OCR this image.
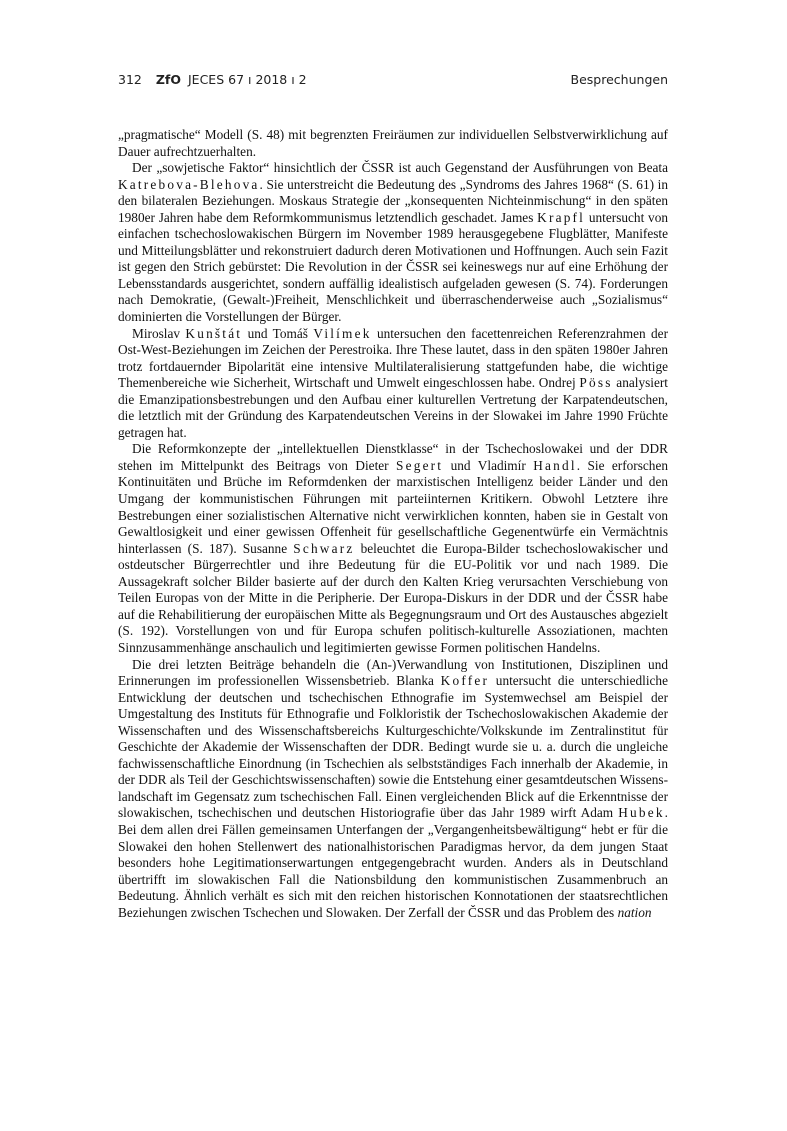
312 ZfO JECES 67 ı 2018 ı 2	Besprechungen

„pragmatische“ Modell (S. 48) mit begrenzten Freiräumen zur individuellen Selbstverwirklichung auf Dauer aufrechtzuerhalten.

Der „sowjetische Faktor“ hinsichtlich der ČSSR ist auch Gegenstand der Ausführungen von Beata Katrebova-Blehova. Sie unterstreicht die Bedeutung des „Syndroms des Jahres 1968“ (S. 61) in den bilateralen Beziehungen. Moskaus Strategie der „konsequenten Nichteinmischung“ in den späten 1980er Jahren habe dem Reformkommunismus letztendlich geschadet. James Krapfl untersucht von einfachen tschechoslowakischen Bürgern im November 1989 herausgegebene Flugblätter, Manifeste und Mitteilungsblätter und rekonstruiert dadurch deren Motivationen und Hoffnungen. Auch sein Fazit ist gegen den Strich gebürstet: Die Revolution in der ČSSR sei keineswegs nur auf eine Erhöhung der Lebensstandards ausgerichtet, sondern auffällig idealistisch aufgeladen gewesen (S. 74). Forderungen nach Demokratie, (Gewalt-)Freiheit, Menschlichkeit und überraschenderweise auch „Sozialismus“ dominierten die Vorstellungen der Bürger.

Miroslav Kunštát und Tomáš Vilímek untersuchen den facettenreichen Referenzrahmen der Ost-West-Beziehungen im Zeichen der Perestroika. Ihre These lautet, dass in den späten 1980er Jahren trotz fortdauernder Bipolarität eine intensive Multilateralisierung stattgefunden habe, die wichtige Themenbereiche wie Sicherheit, Wirtschaft und Umwelt eingeschlossen habe. Ondrej Pöss analysiert die Emanzipationsbestrebungen und den Aufbau einer kulturellen Vertretung der Karpatendeutschen, die letztlich mit der Gründung des Karpatendeutschen Vereins in der Slowakei im Jahre 1990 Früchte getragen hat.

Die Reformkonzepte der „intellektuellen Dienstklasse“ in der Tschechoslowakei und der DDR stehen im Mittelpunkt des Beitrags von Dieter Segert und Vladimír Handl. Sie erforschen Kontinuitäten und Brüche im Reformdenken der marxistischen Intelligenz beider Länder und den Umgang der kommunistischen Führungen mit parteiinternen Kritikern. Obwohl Letztere ihre Bestrebungen einer sozialistischen Alternative nicht verwirklichen konnten, haben sie in Gestalt von Gewaltlosigkeit und einer gewissen Offenheit für gesellschaftliche Gegenentwürfe ein Vermächtnis hinterlassen (S. 187). Susanne Schwarz beleuchtet die Europa-Bilder tschechoslowakischer und ostdeutscher Bürgerrechtler und ihre Bedeutung für die EU-Politik vor und nach 1989. Die Aussagekraft solcher Bilder basierte auf der durch den Kalten Krieg verursachten Verschiebung von Teilen Europas von der Mitte in die Peripherie. Der Europa-Diskurs in der DDR und der ČSSR habe auf die Rehabilitierung der europäischen Mitte als Begegnungsraum und Ort des Austausches abgezielt (S. 192). Vorstellungen von und für Europa schufen politisch-kulturelle Assoziationen, machten Sinnzusammenhänge anschaulich und legitimierten gewisse Formen politischen Handelns.

Die drei letzten Beiträge behandeln die (An-)Verwandlung von Institutionen, Disziplinen und Erinnerungen im professionellen Wissensbetrieb. Blanka Koffer untersucht die unterschiedliche Entwicklung der deutschen und tschechischen Ethnografie im Systemwechsel am Beispiel der Umgestaltung des Instituts für Ethnografie und Folkloristik der Tschechoslowakischen Akademie der Wissenschaften und des Wissenschaftsbereichs Kulturgeschichte/Volkskunde im Zentralinstitut für Geschichte der Akademie der Wissenschaften der DDR. Bedingt wurde sie u. a. durch die ungleiche fachwissenschaftliche Einordnung (in Tschechien als selbstständiges Fach innerhalb der Akademie, in der DDR als Teil der Geschichtswissenschaften) sowie die Entstehung einer gesamtdeutschen Wissenslandschaft im Gegensatz zum tschechischen Fall. Einen vergleichenden Blick auf die Erkenntnisse der slowakischen, tschechischen und deutschen Historiografie über das Jahr 1989 wirft Adam Hubek. Bei dem allen drei Fällen gemeinsamen Unterfangen der „Vergangenheitsbewältigung“ hebt er für die Slowakei den hohen Stellenwert des nationalhistorischen Paradigmas hervor, da dem jungen Staat besonders hohe Legitimationserwartungen entgegengebracht wurden. Anders als in Deutschland übertrifft im slowakischen Fall die Nationsbildung den kommunistischen Zusammenbruch an Bedeutung. Ähnlich verhält es sich mit den reichen historischen Konnotationen der staatsrechtlichen Beziehungen zwischen Tschechen und Slowaken. Der Zerfall der ČSSR und das Problem des nation
